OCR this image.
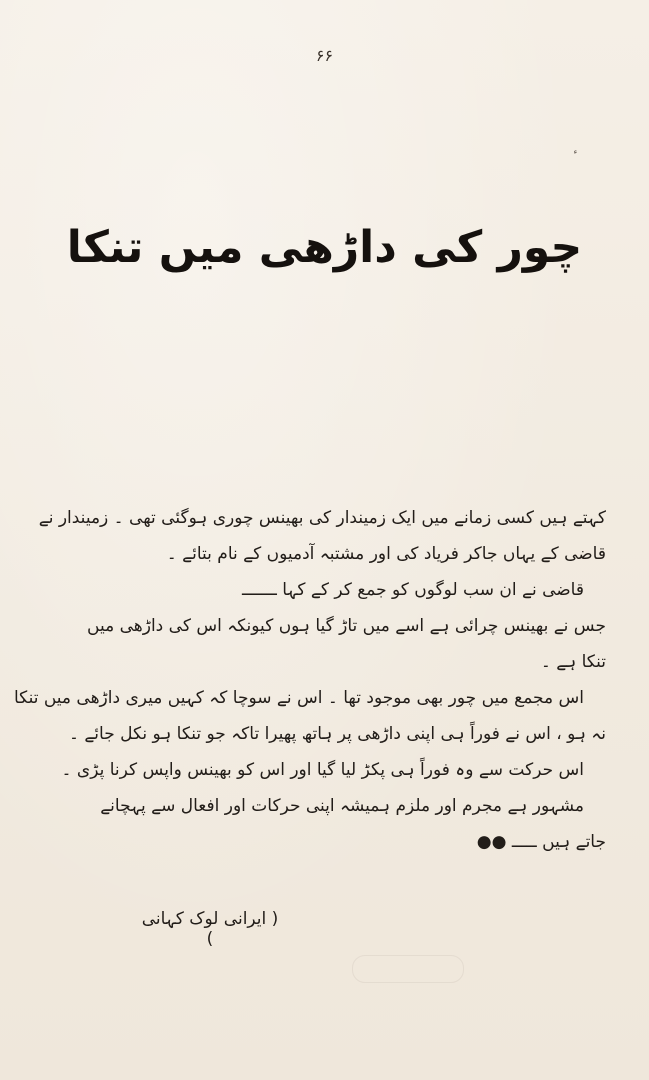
۶۶
چور کی داڑھی میں تنکا
کہتے ہیں کسی زمانے میں ایک زمیندار کی بھینس چوری ہوگئی تھی ۔ زمیندار نے
قاضی کے یہاں جاکر فریاد کی اور مشتبہ آدمیوں کے نام بتائے ۔
قاضی نے ان سب لوگوں کو جمع کر کے کہا ـــــــ
جس نے بھینس چرائی ہے اسے میں تاڑ گیا ہوں کیونکہ اس کی داڑھی میں
تنکا ہے ۔
اس مجمع میں چور بھی موجود تھا ۔ اس نے سوچا کہ کہیں میری داڑھی میں تنکا
نہ ہو ، اس نے فوراً ہی اپنی داڑھی پر ہاتھ پھیرا تاکہ جو تنکا ہو نکل جائے ۔
اس حرکت سے وہ فوراً ہی پکڑ لیا گیا اور اس کو بھینس واپس کرنا پڑی ۔
مشہور ہے مجرم اور ملزم ہمیشہ اپنی حرکات اور افعال سے پہچانے
جاتے ہیں ـــــ ●●
( ایرانی لوک کہانی )
